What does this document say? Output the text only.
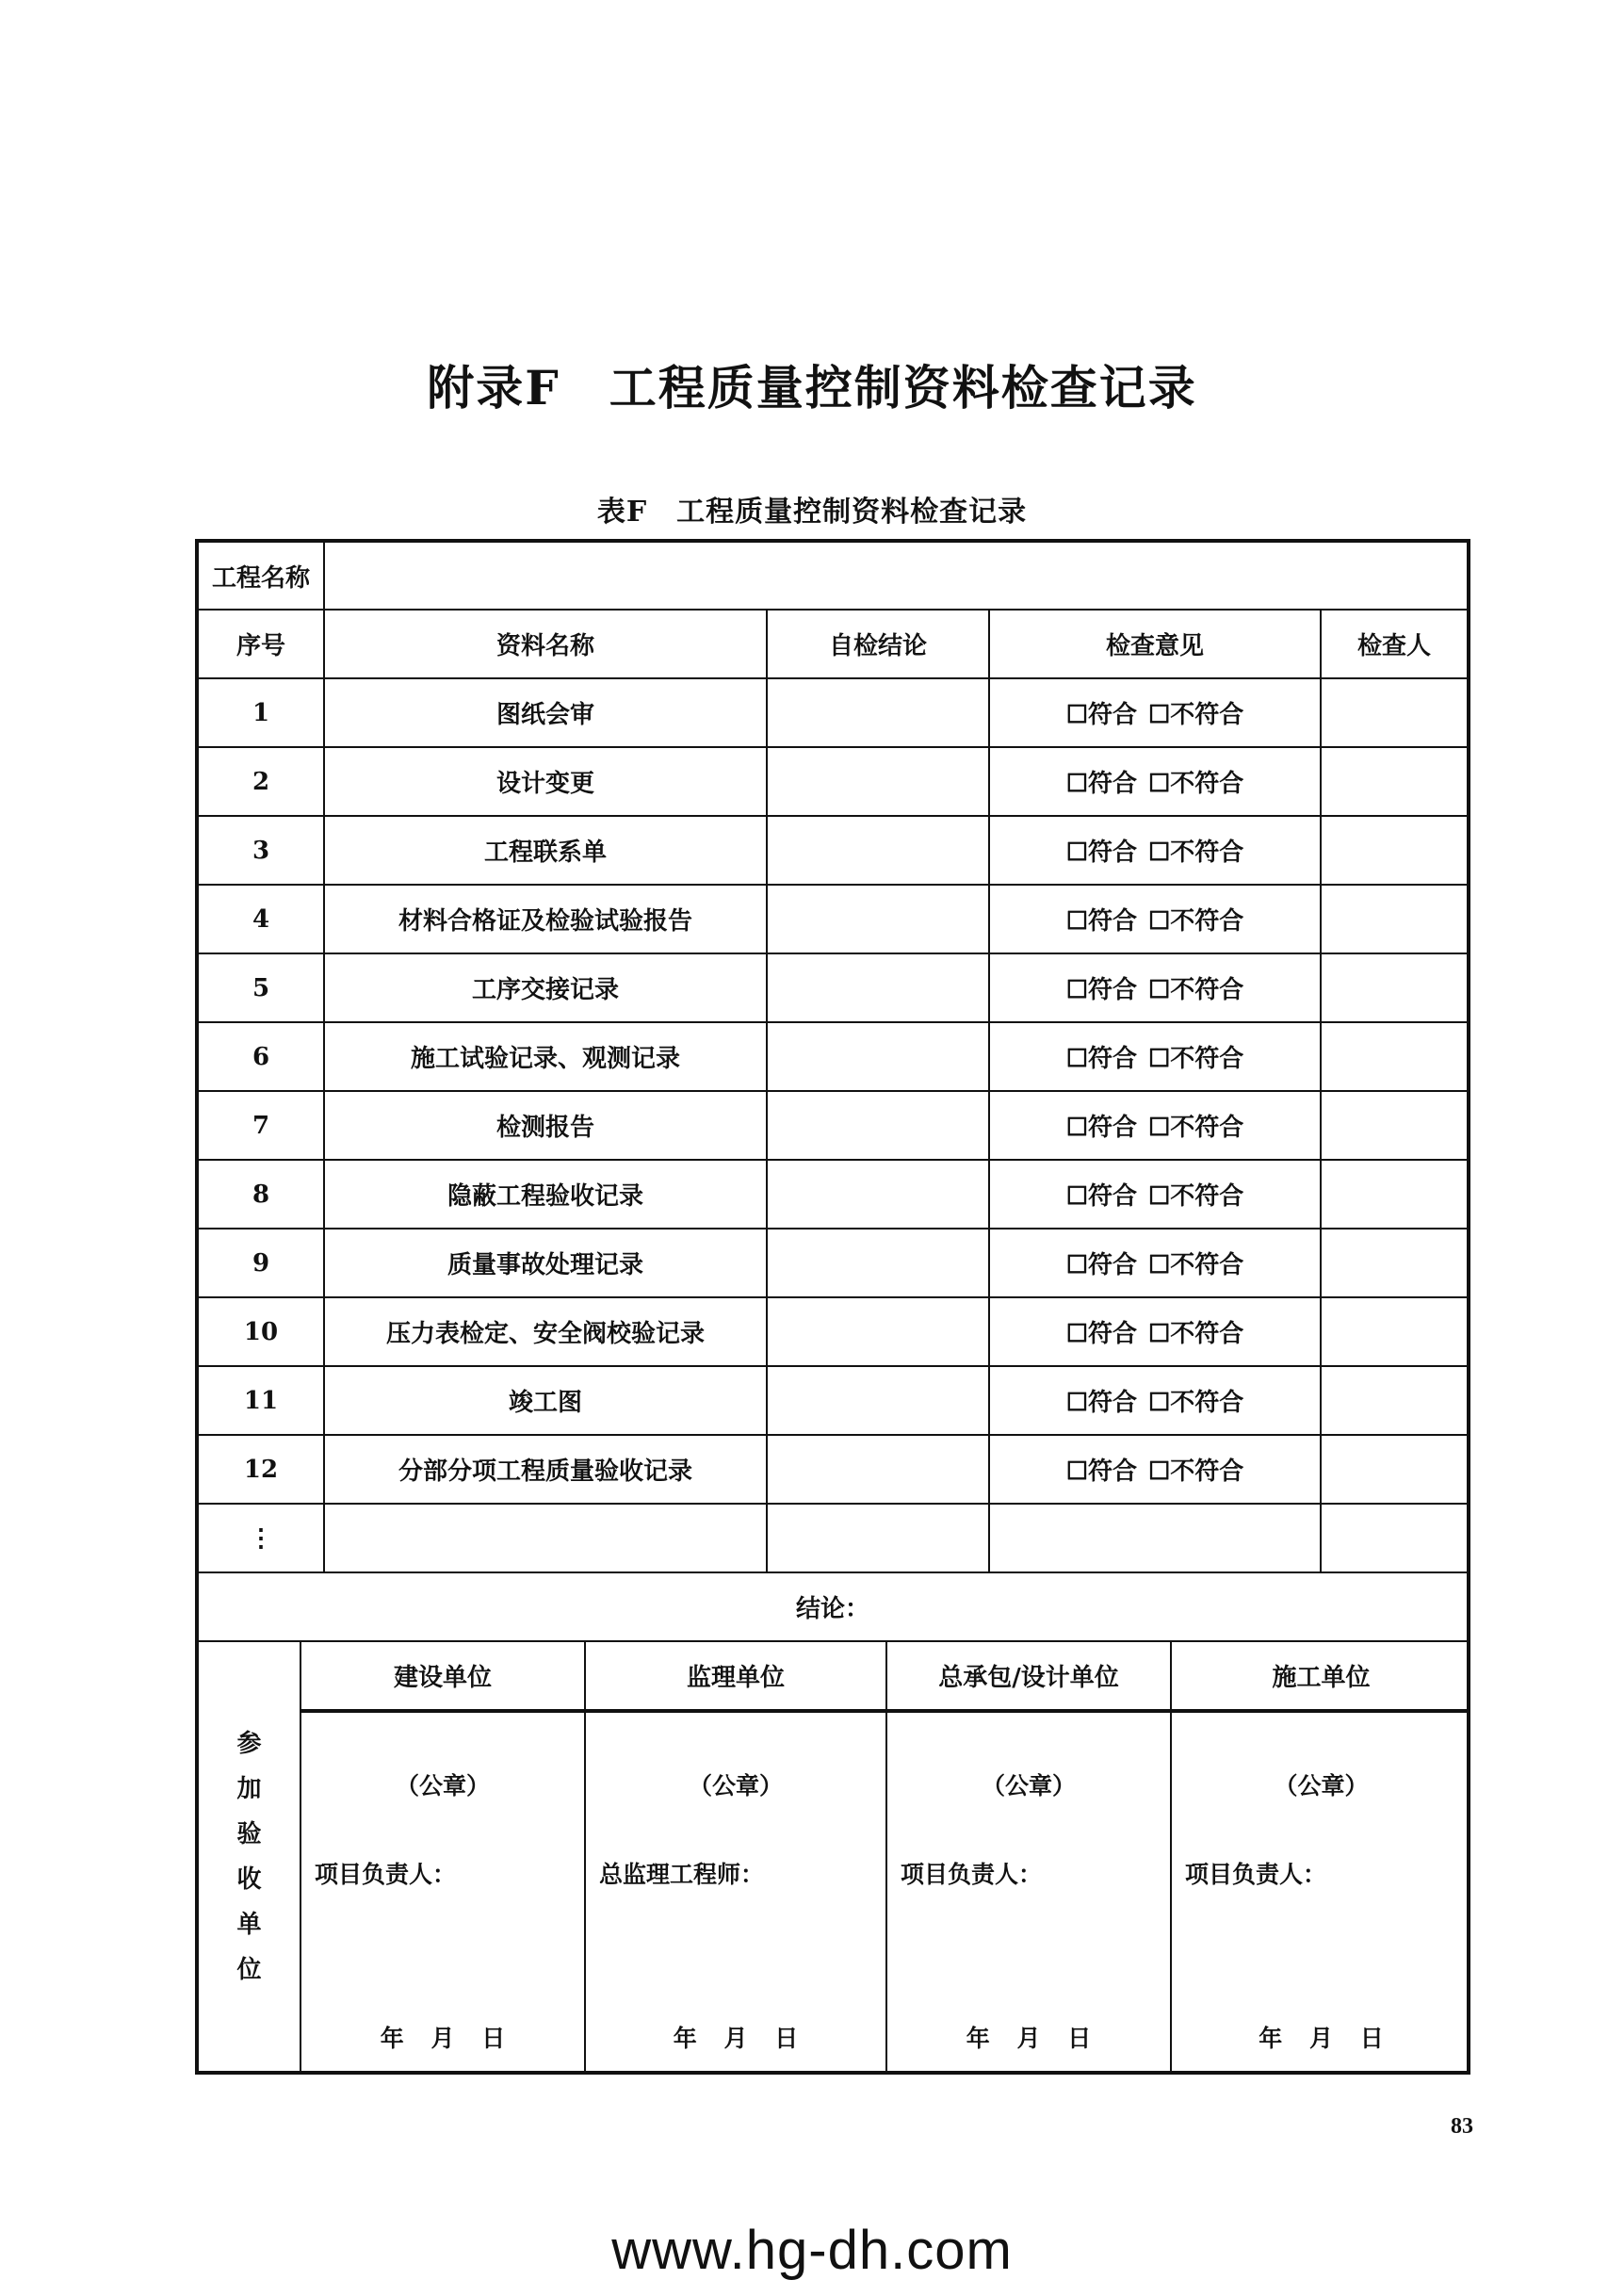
附录F　工程质量控制资料检查记录
表F　工程质量控制资料检查记录
工程名称	
序号	资料名称	自检结论	检查意见	检查人
1	图纸会审		☐符合 ☐不符合	
2	设计变更		☐符合 ☐不符合	
3	工程联系单		☐符合 ☐不符合	
4	材料合格证及检验试验报告		☐符合 ☐不符合	
5	工序交接记录		☐符合 ☐不符合	
6	施工试验记录、观测记录		☐符合 ☐不符合	
7	检测报告		☐符合 ☐不符合	
8	隐蔽工程验收记录		☐符合 ☐不符合	
9	质量事故处理记录		☐符合 ☐不符合	
10	压力表检定、安全阀校验记录		☐符合 ☐不符合	
11	竣工图		☐符合 ☐不符合	
12	分部分项工程质量验收记录		☐符合 ☐不符合	
⋮				
结论：

参加验收单位
	建设单位	监理单位	总承包/设计单位	施工单位

（公章）
项目负责人：
年 月 日

（公章）
总监理工程师：
年 月 日

（公章）
项目负责人：
年 月 日

（公章）
项目负责人：
年 月 日
83
www.hg-dh.com
